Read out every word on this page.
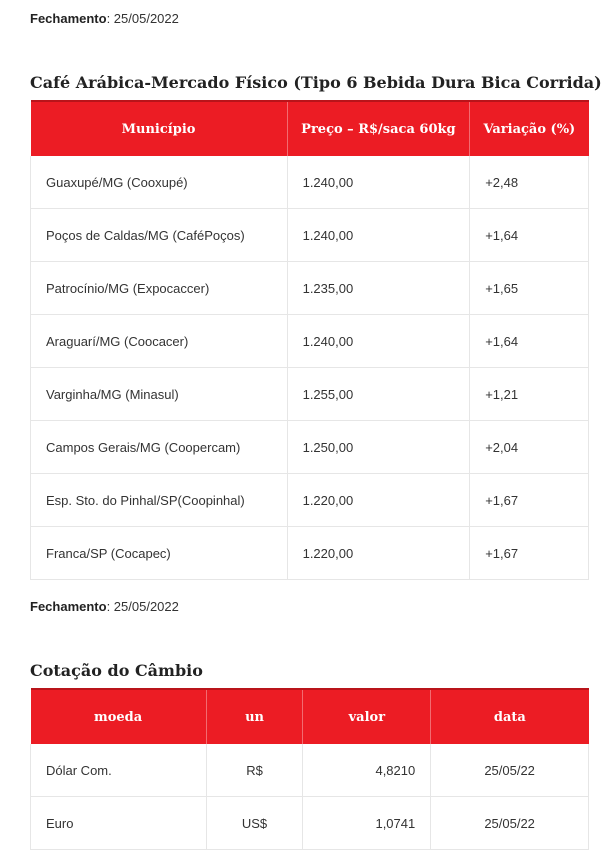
Fechamento: 25/05/2022
Café Arábica-Mercado Físico (Tipo 6 Bebida Dura Bica Corrida)
Município	Preço – R$/saca 60kg	Variação (%)
Guaxupé/MG (Cooxupé)	1.240,00	+2,48
Poços de Caldas/MG (CaféPoços)	1.240,00	+1,64
Patrocínio/MG (Expocaccer)	1.235,00	+1,65
Araguarí/MG (Coocacer)	1.240,00	+1,64
Varginha/MG (Minasul)	1.255,00	+1,21
Campos Gerais/MG (Coopercam)	1.250,00	+2,04
Esp. Sto. do Pinhal/SP(Coopinhal)	1.220,00	+1,67
Franca/SP (Cocapec)	1.220,00	+1,67
Fechamento: 25/05/2022
Cotação do Câmbio
moeda	un	valor	data
Dólar Com.	R$	4,8210	25/05/22
Euro	US$	1,0741	25/05/22
